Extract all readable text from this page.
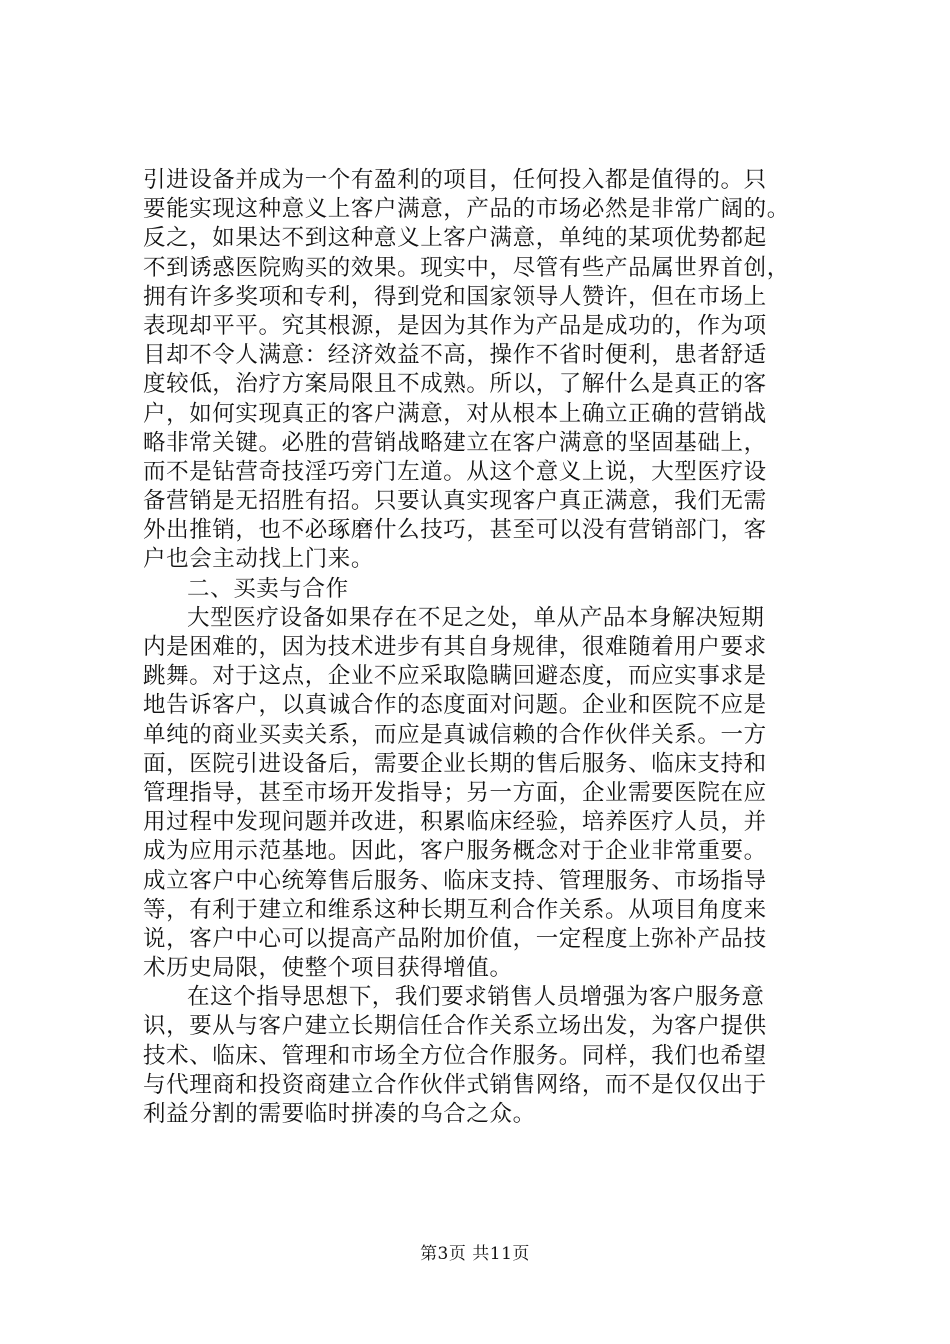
引进设备并成为一个有盈利的项目，任何投入都是值得的。只
要能实现这种意义上客户满意，产品的市场必然是非常广阔的。
反之，如果达不到这种意义上客户满意，单纯的某项优势都起
不到诱惑医院购买的效果。现实中，尽管有些产品属世界首创，
拥有许多奖项和专利，得到党和国家领导人赞许，但在市场上
表现却平平。究其根源，是因为其作为产品是成功的，作为项
目却不令人满意：经济效益不高，操作不省时便利，患者舒适
度较低，治疗方案局限且不成熟。所以，了解什么是真正的客
户，如何实现真正的客户满意，对从根本上确立正确的营销战
略非常关键。必胜的营销战略建立在客户满意的坚固基础上，
而不是钻营奇技淫巧旁门左道。从这个意义上说，大型医疗设
备营销是无招胜有招。只要认真实现客户真正满意，我们无需
外出推销，也不必琢磨什么技巧，甚至可以没有营销部门，客
户也会主动找上门来。
二、买卖与合作
大型医疗设备如果存在不足之处，单从产品本身解决短期
内是困难的，因为技术进步有其自身规律，很难随着用户要求
跳舞。对于这点，企业不应采取隐瞒回避态度，而应实事求是
地告诉客户，以真诚合作的态度面对问题。企业和医院不应是
单纯的商业买卖关系，而应是真诚信赖的合作伙伴关系。一方
面，医院引进设备后，需要企业长期的售后服务、临床支持和
管理指导，甚至市场开发指导；另一方面，企业需要医院在应
用过程中发现问题并改进，积累临床经验，培养医疗人员，并
成为应用示范基地。因此，客户服务概念对于企业非常重要。
成立客户中心统筹售后服务、临床支持、管理服务、市场指导
等，有利于建立和维系这种长期互利合作关系。从项目角度来
说，客户中心可以提高产品附加价值，一定程度上弥补产品技
术历史局限，使整个项目获得增值。
在这个指导思想下，我们要求销售人员增强为客户服务意
识，要从与客户建立长期信任合作关系立场出发，为客户提供
技术、临床、管理和市场全方位合作服务。同样，我们也希望
与代理商和投资商建立合作伙伴式销售网络，而不是仅仅出于
利益分割的需要临时拼凑的乌合之众。
第3页 共11页
